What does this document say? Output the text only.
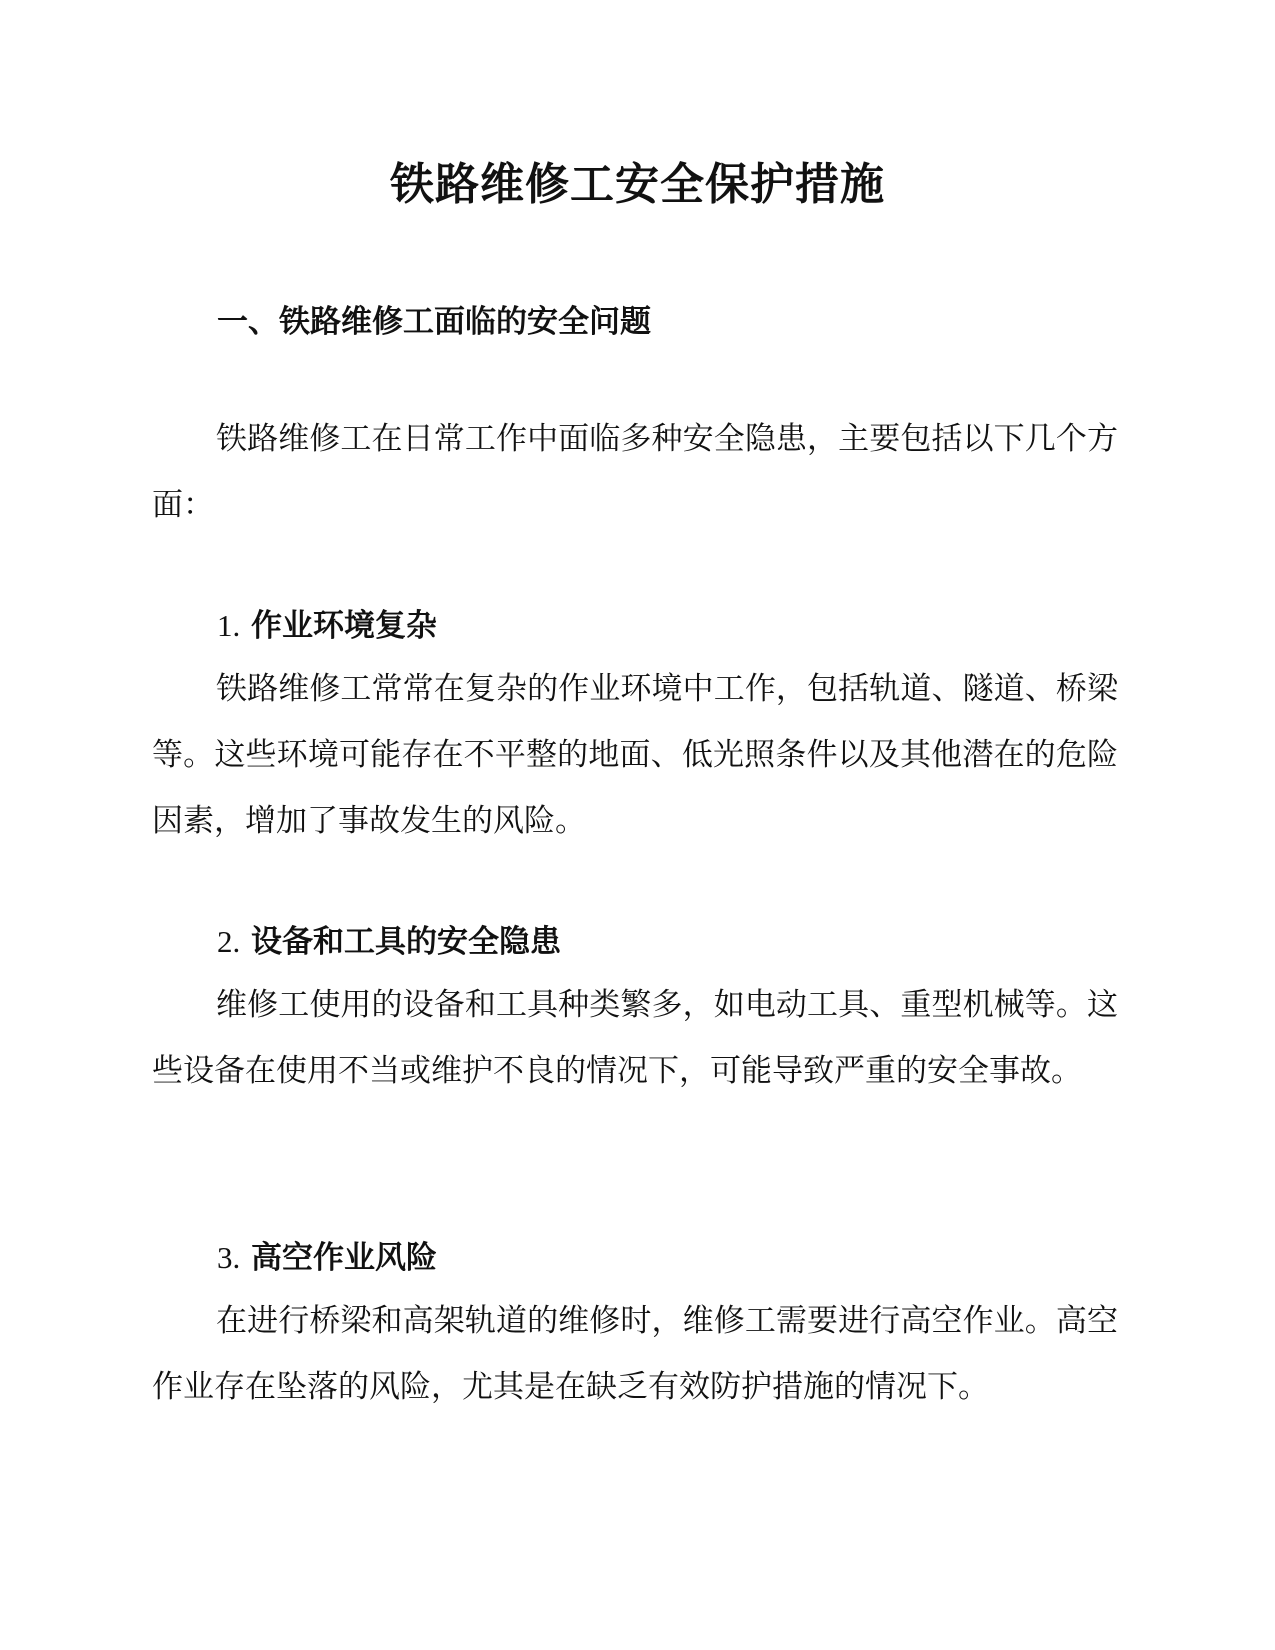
铁路维修工安全保护措施
一、铁路维修工面临的安全问题

铁路维修工在日常工作中面临多种安全隐患，主要包括以下几个方面：

1. 作业环境复杂

铁路维修工常常在复杂的作业环境中工作，包括轨道、隧道、桥梁等。这些环境可能存在不平整的地面、低光照条件以及其他潜在的危险因素，增加了事故发生的风险。

2. 设备和工具的安全隐患

维修工使用的设备和工具种类繁多，如电动工具、重型机械等。这些设备在使用不当或维护不良的情况下，可能导致严重的安全事故。

3. 高空作业风险

在进行桥梁和高架轨道的维修时，维修工需要进行高空作业。高空作业存在坠落的风险，尤其是在缺乏有效防护措施的情况下。
